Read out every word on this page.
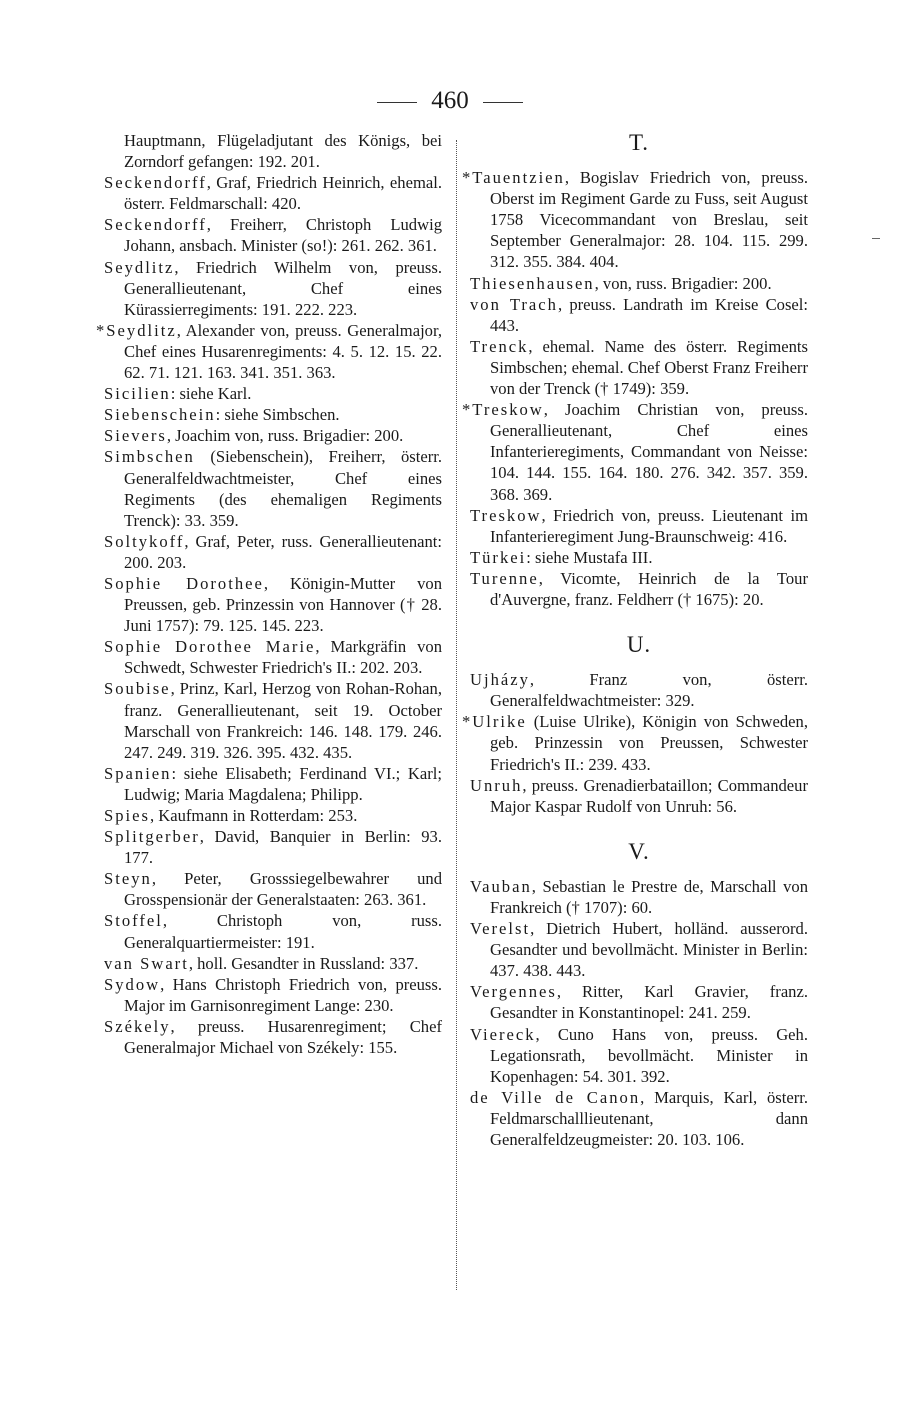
460

Hauptmann, Flügeladjutant des Königs, bei Zorndorf gefangen: 192. 201.

Seckendorff, Graf, Friedrich Heinrich, ehemal. österr. Feldmarschall: 420.

Seckendorff, Freiherr, Christoph Ludwig Johann, ansbach. Minister (so!): 261. 262. 361.

Seydlitz, Friedrich Wilhelm von, preuss. Generallieutenant, Chef eines Kürassierregiments: 191. 222. 223.

*Seydlitz, Alexander von, preuss. Generalmajor, Chef eines Husarenregiments: 4. 5. 12. 15. 22. 62. 71. 121. 163. 341. 351. 363.

Sicilien: siehe Karl.

Siebenschein: siehe Simbschen.

Sievers, Joachim von, russ. Brigadier: 200.

Simbschen (Siebenschein), Freiherr, österr. Generalfeldwachtmeister, Chef eines Regiments (des ehemaligen Regiments Trenck): 33. 359.

Soltykoff, Graf, Peter, russ. Generallieutenant: 200. 203.

Sophie Dorothee, Königin-Mutter von Preussen, geb. Prinzessin von Hannover († 28. Juni 1757): 79. 125. 145. 223.

Sophie Dorothee Marie, Markgräfin von Schwedt, Schwester Friedrich's II.: 202. 203.

Soubise, Prinz, Karl, Herzog von Rohan-Rohan, franz. Generallieutenant, seit 19. October Marschall von Frankreich: 146. 148. 179. 246. 247. 249. 319. 326. 395. 432. 435.

Spanien: siehe Elisabeth; Ferdinand VI.; Karl; Ludwig; Maria Magdalena; Philipp.

Spies, Kaufmann in Rotterdam: 253.

Splitgerber, David, Banquier in Berlin: 93. 177.

Steyn, Peter, Grosssiegelbewahrer und Grosspensionär der Generalstaaten: 263. 361.

Stoffel, Christoph von, russ. Generalquartiermeister: 191.

van Swart, holl. Gesandter in Russland: 337.

Sydow, Hans Christoph Friedrich von, preuss. Major im Garnisonregiment Lange: 230.

Székely, preuss. Husarenregiment; Chef Generalmajor Michael von Székely: 155.

T.

*Tauentzien, Bogislav Friedrich von, preuss. Oberst im Regiment Garde zu Fuss, seit August 1758 Vicecommandant von Breslau, seit September Generalmajor: 28. 104. 115. 299. 312. 355. 384. 404.

Thiesenhausen, von, russ. Brigadier: 200.

von Trach, preuss. Landrath im Kreise Cosel: 443.

Trenck, ehemal. Name des österr. Regiments Simbschen; ehemal. Chef Oberst Franz Freiherr von der Trenck († 1749): 359.

*Treskow, Joachim Christian von, preuss. Generallieutenant, Chef eines Infanterieregiments, Commandant von Neisse: 104. 144. 155. 164. 180. 276. 342. 357. 359. 368. 369.

Treskow, Friedrich von, preuss. Lieutenant im Infanterieregiment Jung-Braunschweig: 416.

Türkei: siehe Mustafa III.

Turenne, Vicomte, Heinrich de la Tour d'Auvergne, franz. Feldherr († 1675): 20.

U.

Ujházy, Franz von, österr. Generalfeldwachtmeister: 329.

*Ulrike (Luise Ulrike), Königin von Schweden, geb. Prinzessin von Preussen, Schwester Friedrich's II.: 239. 433.

Unruh, preuss. Grenadierbataillon; Commandeur Major Kaspar Rudolf von Unruh: 56.

V.

Vauban, Sebastian le Prestre de, Marschall von Frankreich († 1707): 60.

Verelst, Dietrich Hubert, holländ. ausserord. Gesandter und bevollmächt. Minister in Berlin: 437. 438. 443.

Vergennes, Ritter, Karl Gravier, franz. Gesandter in Konstantinopel: 241. 259.

Viereck, Cuno Hans von, preuss. Geh. Legationsrath, bevollmächt. Minister in Kopenhagen: 54. 301. 392.

de Ville de Canon, Marquis, Karl, österr. Feldmarschalllieutenant, dann Generalfeldzeugmeister: 20. 103. 106.
